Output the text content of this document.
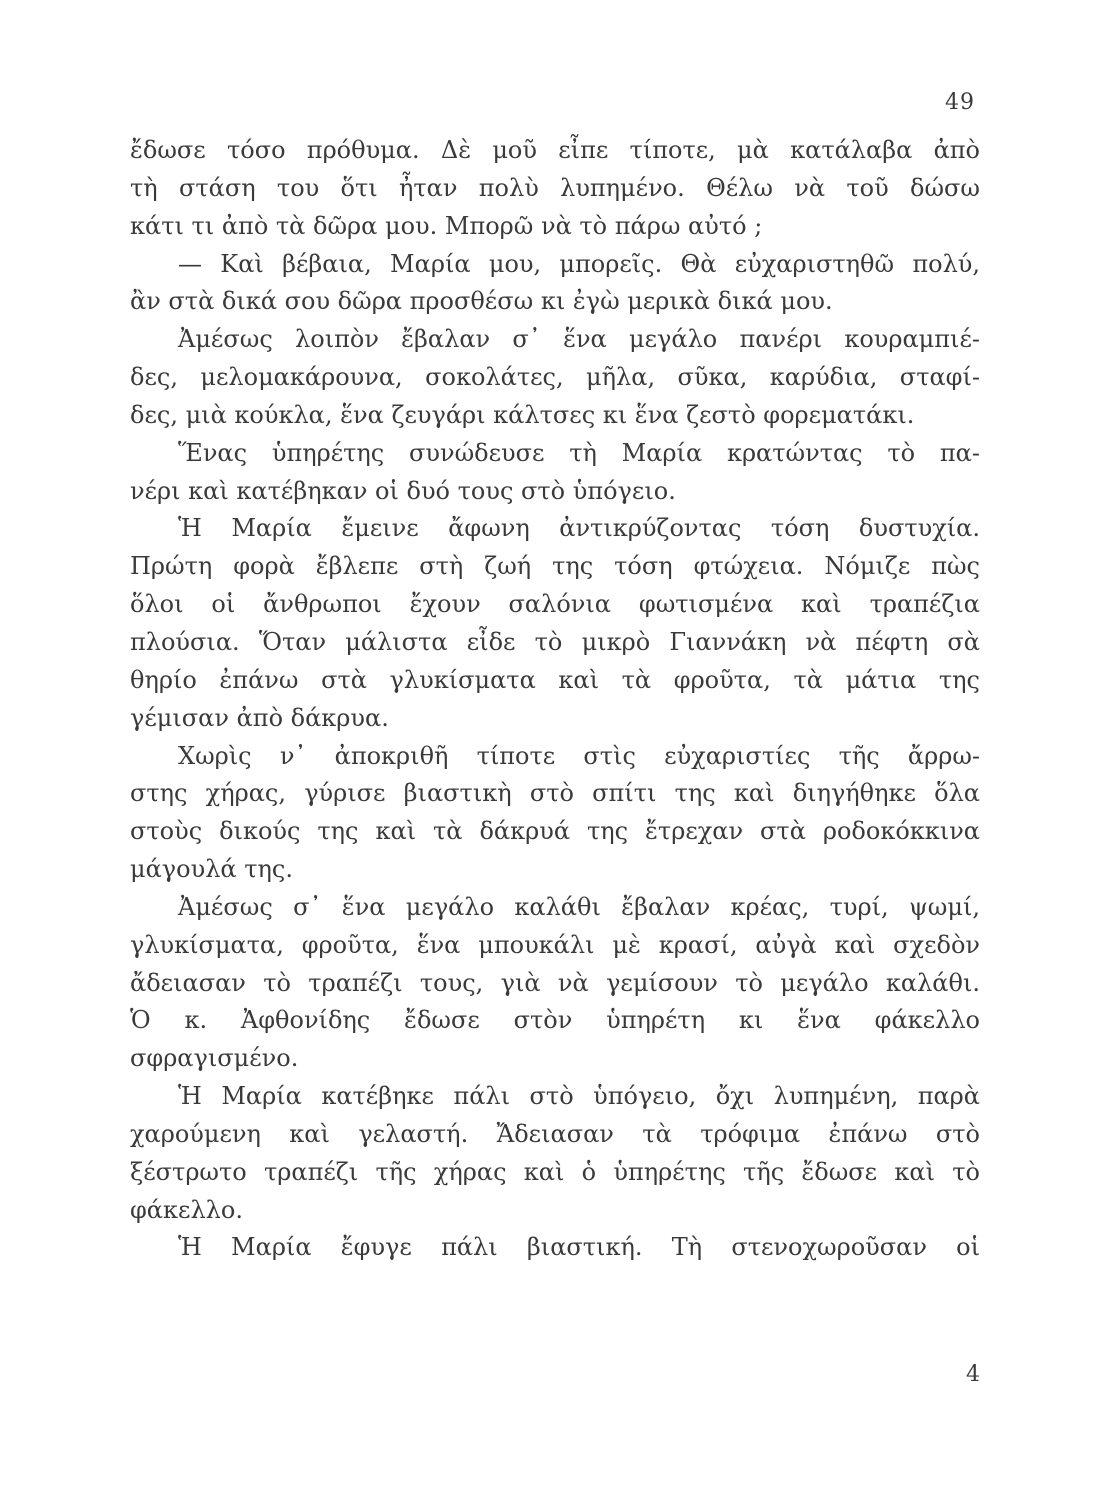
49
ἔδωσε τόσο πρόθυμα. Δὲ μοῦ εἶπε τίποτε, μὰ κατάλαβα ἀπὸ
τὴ στάση του ὅτι ἦταν πολὺ λυπημένο. Θέλω νὰ τοῦ δώσω
κάτι τι ἀπὸ τὰ δῶρα μου. Μπορῶ νὰ τὸ πάρω αὐτό ;
— Καὶ βέβαια, Μαρία μου, μπορεῖς. Θὰ εὐχαριστηθῶ πολύ,
ἂν στὰ δικά σου δῶρα προσθέσω κι ἐγὼ μερικὰ δικά μου.
Ἀμέσως λοιπὸν ἔβαλαν σ᾽ ἕνα μεγάλο πανέρι κουραμπιέ-
δες, μελομακάρουνα, σοκολάτες, μῆλα, σῦκα, καρύδια, σταφί-
δες, μιὰ κούκλα, ἕνα ζευγάρι κάλτσες κι ἕνα ζεστὸ φορεματάκι.
Ἕνας ὑπηρέτης συνώδευσε τὴ Μαρία κρατώντας τὸ πα-
νέρι καὶ κατέβηκαν οἱ δυό τους στὸ ὑπόγειο.
Ἡ Μαρία ἔμεινε ἄφωνη ἀντικρύζοντας τόση δυστυχία.
Πρώτη φορὰ ἔβλεπε στὴ ζωή της τόση φτώχεια. Νόμιζε πὼς
ὅλοι οἱ ἄνθρωποι ἔχουν σαλόνια φωτισμένα καὶ τραπέζια
πλούσια. Ὅταν μάλιστα εἶδε τὸ μικρὸ Γιαννάκη νὰ πέφτη σὰ
θηρίο ἐπάνω στὰ γλυκίσματα καὶ τὰ φροῦτα, τὰ μάτια της
γέμισαν ἀπὸ δάκρυα.
Χωρὶς ν᾽ ἀποκριθῆ τίποτε στὶς εὐχαριστίες τῆς ἄρρω-
στης χήρας, γύρισε βιαστικὴ στὸ σπίτι της καὶ διηγήθηκε ὅλα
στοὺς δικούς της καὶ τὰ δάκρυά της ἔτρεχαν στὰ ροδοκόκκινα
μάγουλά της.
Ἀμέσως σ᾽ ἕνα μεγάλο καλάθι ἔβαλαν κρέας, τυρί, ψωμί,
γλυκίσματα, φροῦτα, ἕνα μπουκάλι μὲ κρασί, αὐγὰ καὶ σχεδὸν
ἄδειασαν τὸ τραπέζι τους, γιὰ νὰ γεμίσουν τὸ μεγάλο καλάθι.
Ὁ κ. Ἀφθονίδης ἔδωσε στὸν ὑπηρέτη κι ἕνα φάκελλο
σφραγισμένο.
Ἡ Μαρία κατέβηκε πάλι στὸ ὑπόγειο, ὄχι λυπημένη, παρὰ
χαρούμενη καὶ γελαστή. Ἄδειασαν τὰ τρόφιμα ἐπάνω στὸ
ξέστρωτο τραπέζι τῆς χήρας καὶ ὁ ὑπηρέτης τῆς ἔδωσε καὶ τὸ
φάκελλο.
Ἡ Μαρία ἔφυγε πάλι βιαστική. Τὴ στενοχωροῦσαν οἱ
4
